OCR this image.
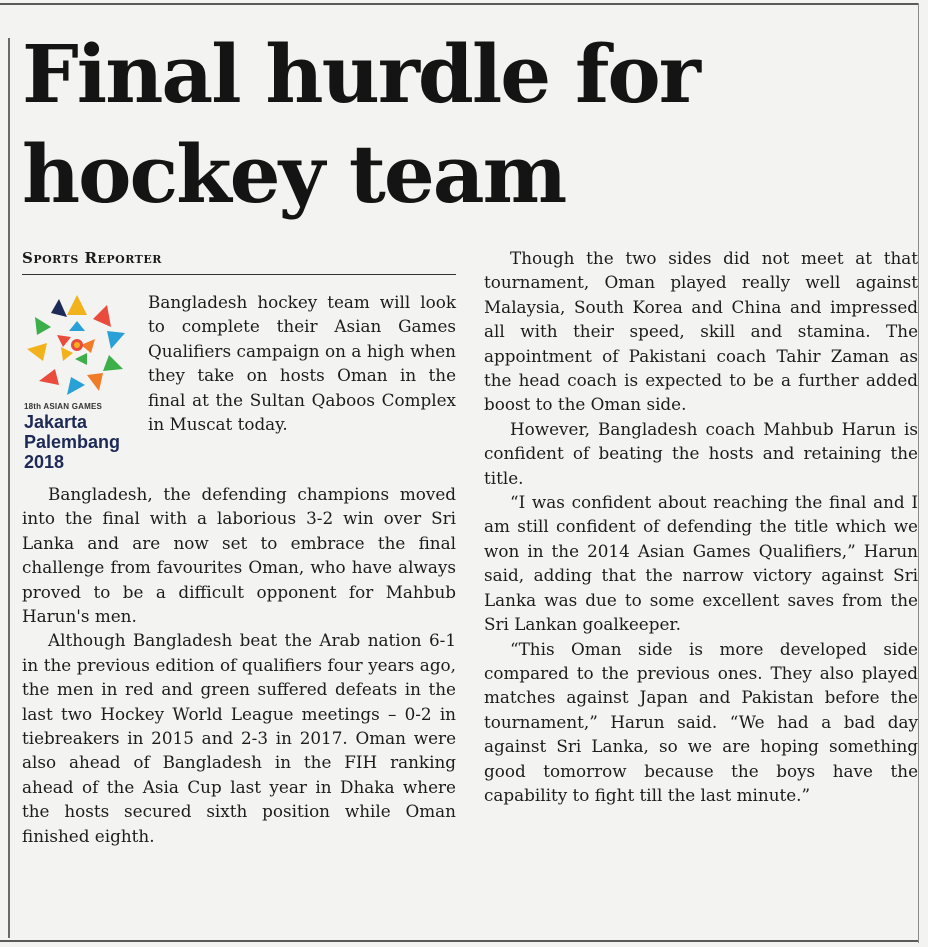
Final hurdle for hockey team
Sports Reporter
18th ASIAN GAMES
Jakarta
Palembang
2018

Bangladesh hockey team will look to complete their Asian Games Qualifiers campaign on a high when they take on hosts Oman in the final at the Sultan Qaboos Complex in Muscat today.

Bangladesh, the defending champions moved into the final with a laborious 3-2 win over Sri Lanka and are now set to embrace the final challenge from favourites Oman, who have always proved to be a difficult opponent for Mahbub Harun's men.

Although Bangladesh beat the Arab nation 6-1 in the previous edition of qualifiers four years ago, the men in red and green suffered defeats in the last two Hockey World League meetings – 0-2 in tiebreakers in 2015 and 2-3 in 2017. Oman were also ahead of Bangladesh in the FIH ranking ahead of the Asia Cup last year in Dhaka where the hosts secured sixth position while Oman finished eighth.

Though the two sides did not meet at that tournament, Oman played really well against Malaysia, South Korea and China and impressed all with their speed, skill and stamina. The appointment of Pakistani coach Tahir Zaman as the head coach is expected to be a further added boost to the Oman side.

However, Bangladesh coach Mahbub Harun is confident of beating the hosts and retaining the title.

“I was confident about reaching the final and I am still confident of defending the title which we won in the 2014 Asian Games Qualifiers,” Harun said, adding that the narrow victory against Sri Lanka was due to some excellent saves from the Sri Lankan goalkeeper.

“This Oman side is more developed side compared to the previous ones. They also played matches against Japan and Pakistan before the tournament,” Harun said. “We had a bad day against Sri Lanka, so we are hoping something good tomorrow because the boys have the capability to fight till the last minute.”
